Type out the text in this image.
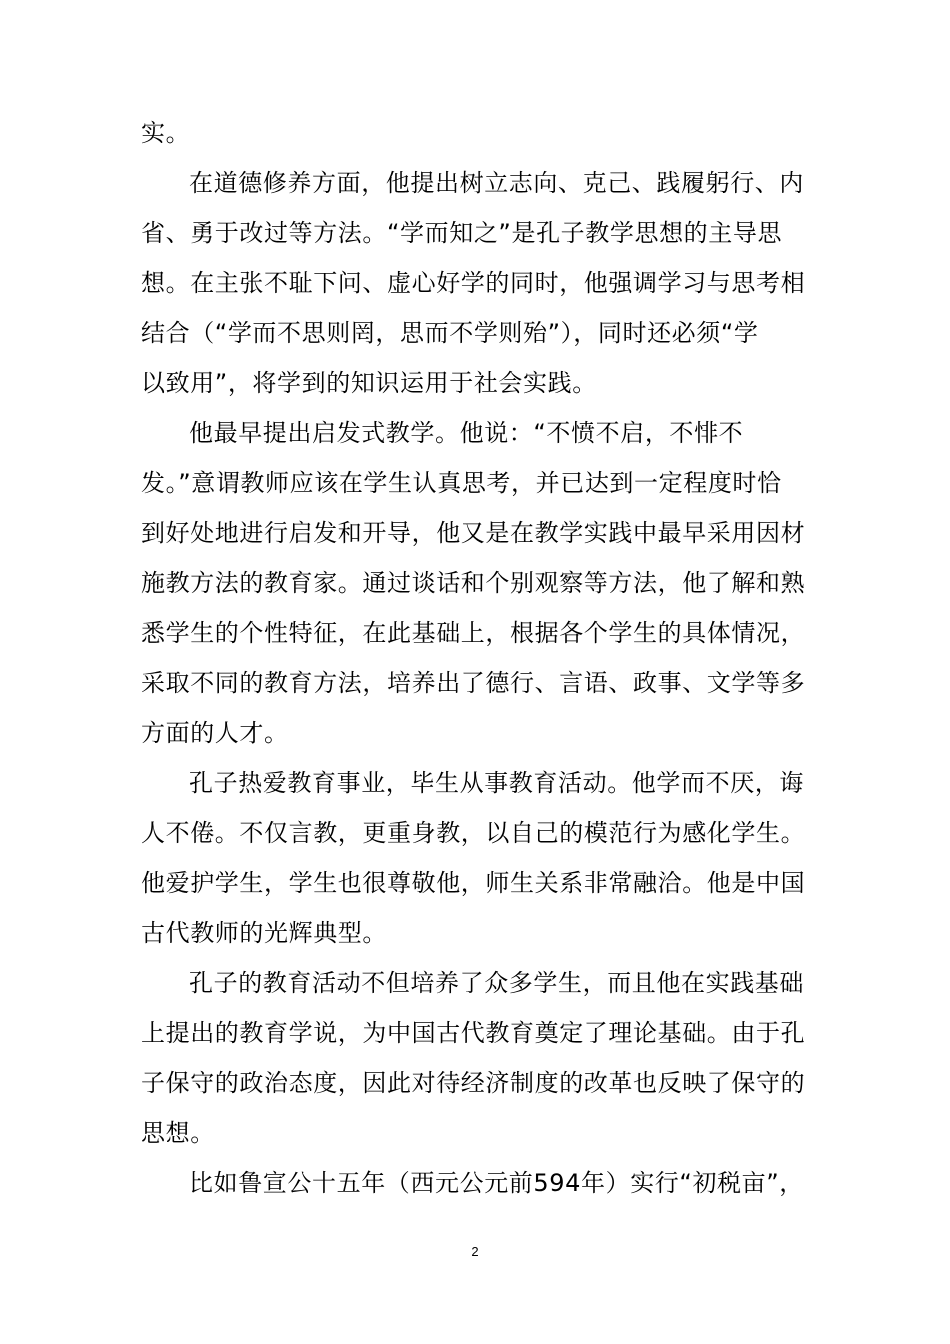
实。
在道德修养方面，他提出树立志向、克己、践履躬行、内
省、勇于改过等方法。“学而知之”是孔子教学思想的主导思
想。在主张不耻下问、虚心好学的同时，他强调学习与思考相
结合（“学而不思则罔，思而不学则殆”），同时还必须“学
以致用”，将学到的知识运用于社会实践。
他最早提出启发式教学。他说：“不愤不启，不悱不
发。”意谓教师应该在学生认真思考，并已达到一定程度时恰
到好处地进行启发和开导，他又是在教学实践中最早采用因材
施教方法的教育家。通过谈话和个别观察等方法，他了解和熟
悉学生的个性特征，在此基础上，根据各个学生的具体情况，
采取不同的教育方法，培养出了德行、言语、政事、文学等多
方面的人才。
孔子热爱教育事业，毕生从事教育活动。他学而不厌，诲
人不倦。不仅言教，更重身教，以自己的模范行为感化学生。
他爱护学生，学生也很尊敬他，师生关系非常融洽。他是中国
古代教师的光辉典型。
孔子的教育活动不但培养了众多学生，而且他在实践基础
上提出的教育学说，为中国古代教育奠定了理论基础。由于孔
子保守的政治态度，因此对待经济制度的改革也反映了保守的
思想。
比如鲁宣公十五年（西元公元前594年）实行“初税亩”，
2
